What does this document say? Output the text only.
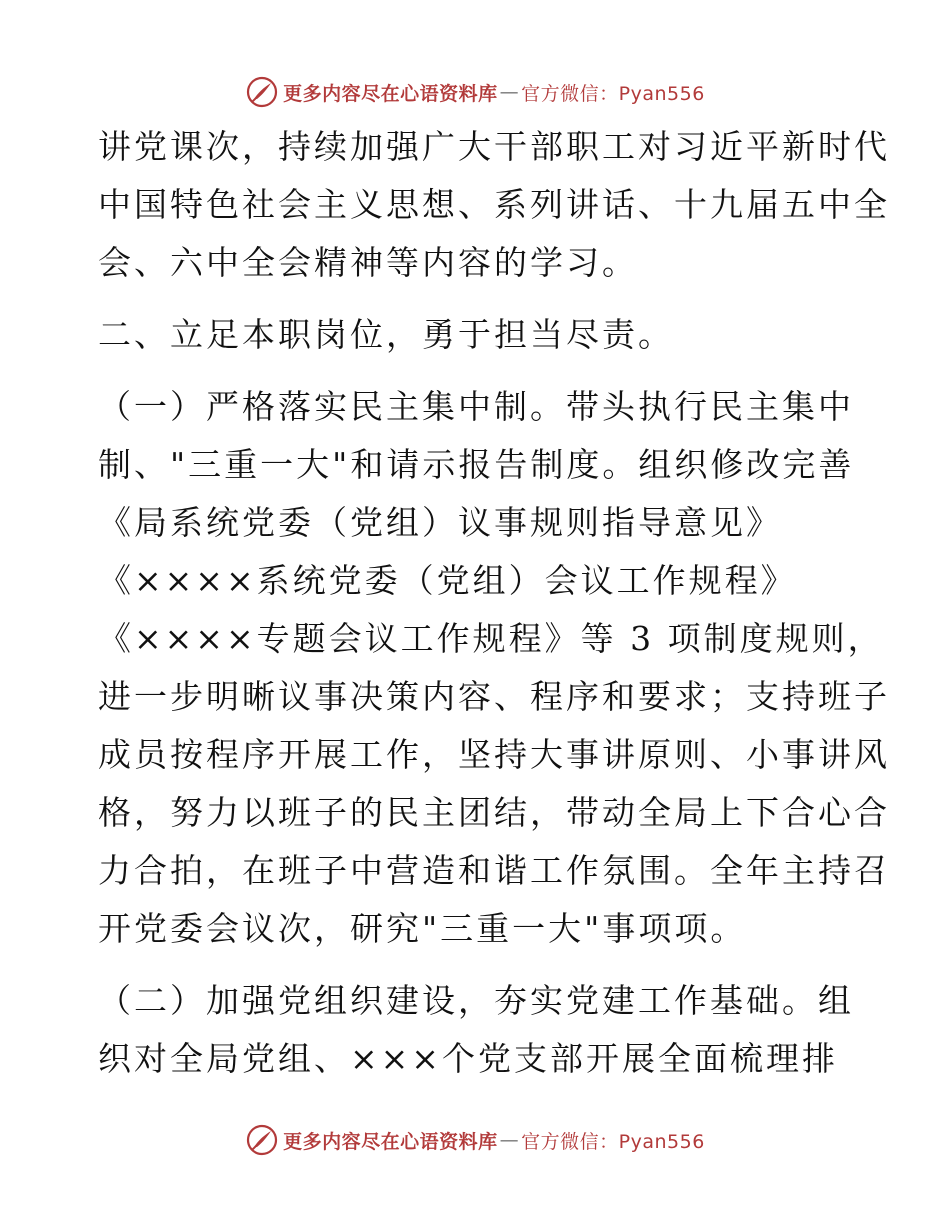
更多内容尽在心语资料库 — 官方微信：Pyan556
讲党课次，持续加强广大干部职工对习近平新时代
中国特色社会主义思想、系列讲话、十九届五中全
会、六中全会精神等内容的学习。
二、立足本职岗位，勇于担当尽责。
（一）严格落实民主集中制。带头执行民主集中
制、"三重一大"和请示报告制度。组织修改完善
《局系统党委（党组）议事规则指导意见》
《××××系统党委（党组）会议工作规程》
《××××专题会议工作规程》等 3 项制度规则，
进一步明晰议事决策内容、程序和要求；支持班子
成员按程序开展工作，坚持大事讲原则、小事讲风
格，努力以班子的民主团结，带动全局上下合心合
力合拍，在班子中营造和谐工作氛围。全年主持召
开党委会议次，研究"三重一大"事项项。
（二）加强党组织建设，夯实党建工作基础。组
织对全局党组、×××个党支部开展全面梳理排
更多内容尽在心语资料库 — 官方微信：Pyan556
